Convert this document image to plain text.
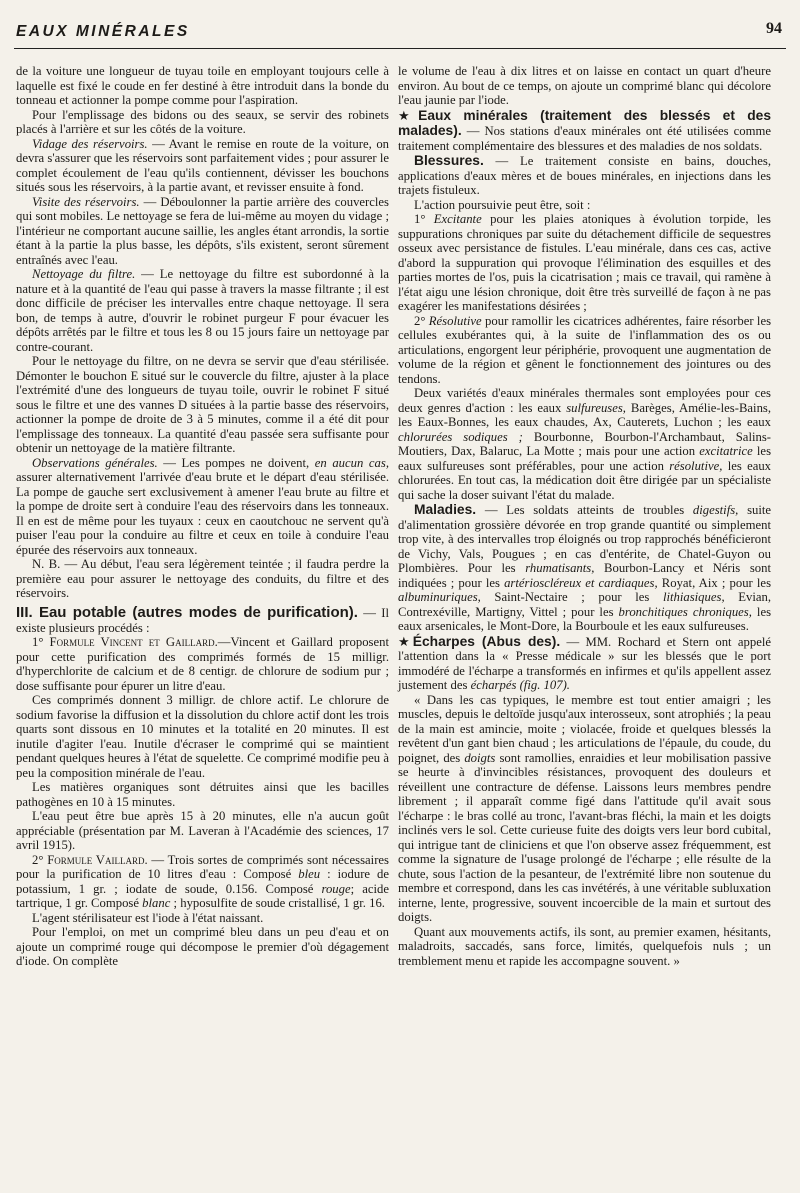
EAUX MINÉRALES	94

de la voiture une longueur de tuyau toile en employant toujours celle à laquelle est fixé le coude en fer destiné à être introduit dans la bonde du tonneau et actionner la pompe comme pour l'aspiration.

Pour l'emplissage des bidons ou des seaux, se servir des robinets placés à l'arrière et sur les côtés de la voiture.

Vidage des réservoirs. — Avant le remise en route de la voiture, on devra s'assurer que les réservoirs sont parfaitement vides ; pour assurer le complet écoulement de l'eau qu'ils contiennent, dévisser les bouchons situés sous les réservoirs, à la partie avant, et revisser ensuite à fond.

Visite des réservoirs. — Déboulonner la partie arrière des couvercles qui sont mobiles. Le nettoyage se fera de lui-même au moyen du vidage ; l'intérieur ne comportant aucune saillie, les angles étant arrondis, la sortie étant à la partie la plus basse, les dépôts, s'ils existent, seront sûrement entraînés avec l'eau.

Nettoyage du filtre. — Le nettoyage du filtre est subordonné à la nature et à la quantité de l'eau qui passe à travers la masse filtrante ; il est donc difficile de préciser les intervalles entre chaque nettoyage. Il sera bon, de temps à autre, d'ouvrir le robinet purgeur F pour évacuer les dépôts arrêtés par le filtre et tous les 8 ou 15 jours faire un nettoyage par contre-courant.

Pour le nettoyage du filtre, on ne devra se servir que d'eau stérilisée. Démonter le bouchon E situé sur le couvercle du filtre, ajuster à la place l'extrémité d'une des longueurs de tuyau toile, ouvrir le robinet F situé sous le filtre et une des vannes D situées à la partie basse des réservoirs, actionner la pompe de droite de 3 à 5 minutes, comme il a été dit pour l'emplissage des tonneaux. La quantité d'eau passée sera suffisante pour obtenir un nettoyage de la matière filtrante.

Observations générales. — Les pompes ne doivent, en aucun cas, assurer alternativement l'arrivée d'eau brute et le départ d'eau stérilisée. La pompe de gauche sert exclusivement à amener l'eau brute au filtre et la pompe de droite sert à conduire l'eau des réservoirs dans les tonneaux. Il en est de même pour les tuyaux : ceux en caoutchouc ne servent qu'à puiser l'eau pour la conduire au filtre et ceux en toile à conduire l'eau épurée des réservoirs aux tonneaux.

N. B. — Au début, l'eau sera légèrement teintée ; il faudra perdre la première eau pour assurer le nettoyage des conduits, du filtre et des réservoirs.

III. Eau potable (autres modes de purification). — Il existe plusieurs procédés :

1° Formule Vincent et Gaillard.—Vincent et Gaillard proposent pour cette purification des comprimés formés de 15 milligr. d'hyperchlorite de calcium et de 8 centigr. de chlorure de sodium pur ; dose suffisante pour épurer un litre d'eau.

Ces comprimés donnent 3 milligr. de chlore actif. Le chlorure de sodium favorise la diffusion et la dissolution du chlore actif dont les trois quarts sont dissous en 10 minutes et la totalité en 20 minutes. Il est inutile d'agiter l'eau. Inutile d'écraser le comprimé qui se maintient pendant quelques heures à l'état de squelette. Ce comprimé modifie peu à peu la composition minérale de l'eau.

Les matières organiques sont détruites ainsi que les bacilles pathogènes en 10 à 15 minutes.

L'eau peut être bue après 15 à 20 minutes, elle n'a aucun goût appréciable (présentation par M. Laveran à l'Académie des sciences, 17 avril 1915).

2° Formule Vaillard. — Trois sortes de comprimés sont nécessaires pour la purification de 10 litres d'eau : Composé bleu : iodure de potassium, 1 gr. ; iodate de soude, 0.156. Composé rouge; acide tartrique, 1 gr. Composé blanc ; hyposulfite de soude cristallisé, 1 gr. 16.

L'agent stérilisateur est l'iode à l'état naissant.

Pour l'emploi, on met un comprimé bleu dans un peu d'eau et on ajoute un comprimé rouge qui décompose le premier d'où dégagement d'iode. On complète

le volume de l'eau à dix litres et on laisse en contact un quart d'heure environ. Au bout de ce temps, on ajoute un comprimé blanc qui décolore l'eau jaunie par l'iode.

★Eaux minérales (traitement des blessés et des malades). — Nos stations d'eaux minérales ont été utilisées comme traitement complémentaire des blessures et des maladies de nos soldats.

Blessures. — Le traitement consiste en bains, douches, applications d'eaux mères et de boues minérales, en injections dans les trajets fistuleux.

L'action poursuivie peut être, soit :

1° Excitante pour les plaies atoniques à évolution torpide, les suppurations chroniques par suite du détachement difficile de sequestres osseux avec persistance de fistules. L'eau minérale, dans ces cas, active d'abord la suppuration qui provoque l'élimination des esquilles et des parties mortes de l'os, puis la cicatrisation ; mais ce travail, qui ramène à l'état aigu une lésion chronique, doit être très surveillé de façon à ne pas exagérer les manifestations désirées ;

2° Résolutive pour ramollir les cicatrices adhérentes, faire résorber les cellules exubérantes qui, à la suite de l'inflammation des os ou articulations, engorgent leur périphérie, provoquent une augmentation de volume de la région et gênent le fonctionnement des jointures ou des tendons.

Deux variétés d'eaux minérales thermales sont employées pour ces deux genres d'action : les eaux sulfureuses, Barèges, Amélie-les-Bains, les Eaux-Bonnes, les eaux chaudes, Ax, Cauterets, Luchon ; les eaux chlorurées sodiques ; Bourbonne, Bourbon-l'Archambaut, Salins-Moutiers, Dax, Balaruc, La Motte ; mais pour une action excitatrice les eaux sulfureuses sont préférables, pour une action résolutive, les eaux chlorurées. En tout cas, la médication doit être dirigée par un spécialiste qui sache la doser suivant l'état du malade.

Maladies. — Les soldats atteints de troubles digestifs, suite d'alimentation grossière dévorée en trop grande quantité ou simplement trop vite, à des intervalles trop éloignés ou trop rapprochés bénéficieront de Vichy, Vals, Pougues ; en cas d'entérite, de Chatel-Guyon ou Plombières. Pour les rhumatisants, Bourbon-Lancy et Néris sont indiquées ; pour les artérioscléreux et cardiaques, Royat, Aix ; pour les albuminuriques, Saint-Nectaire ; pour les lithiasiques, Evian, Contrexéville, Martigny, Vittel ; pour les bronchitiques chroniques, les eaux arsenicales, le Mont-Dore, la Bourboule et les eaux sulfureuses.

★Écharpes (Abus des). — MM. Rochard et Stern ont appelé l'attention dans la « Presse médicale » sur les blessés que le port immodéré de l'écharpe a transformés en infirmes et qu'ils appellent assez justement des écharpés (fig. 107).

« Dans les cas typiques, le membre est tout entier amaigri ; les muscles, depuis le deltoïde jusqu'aux interosseux, sont atrophiés ; la peau de la main est amincie, moite ; violacée, froide et quelques blessés la revêtent d'un gant bien chaud ; les articulations de l'épaule, du coude, du poignet, des doigts sont ramollies, enraidies et leur mobilisation passive se heurte à d'invincibles résistances, provoquent des douleurs et réveillent une contracture de défense. Laissons leurs membres pendre librement ; il apparaît comme figé dans l'attitude qu'il avait sous l'écharpe : le bras collé au tronc, l'avant-bras fléchi, la main et les doigts inclinés vers le sol. Cette curieuse fuite des doigts vers leur bord cubital, qui intrigue tant de cliniciens et que l'on observe assez fréquemment, est comme la signature de l'usage prolongé de l'écharpe ; elle résulte de la chute, sous l'action de la pesanteur, de l'extrémité libre non soutenue du membre et correspond, dans les cas invétérés, à une véritable subluxation interne, lente, progressive, souvent incoercible de la main et surtout des doigts.

Quant aux mouvements actifs, ils sont, au premier examen, hésitants, maladroits, saccadés, sans force, limités, quelquefois nuls ; un tremblement menu et rapide les accompagne souvent. »
